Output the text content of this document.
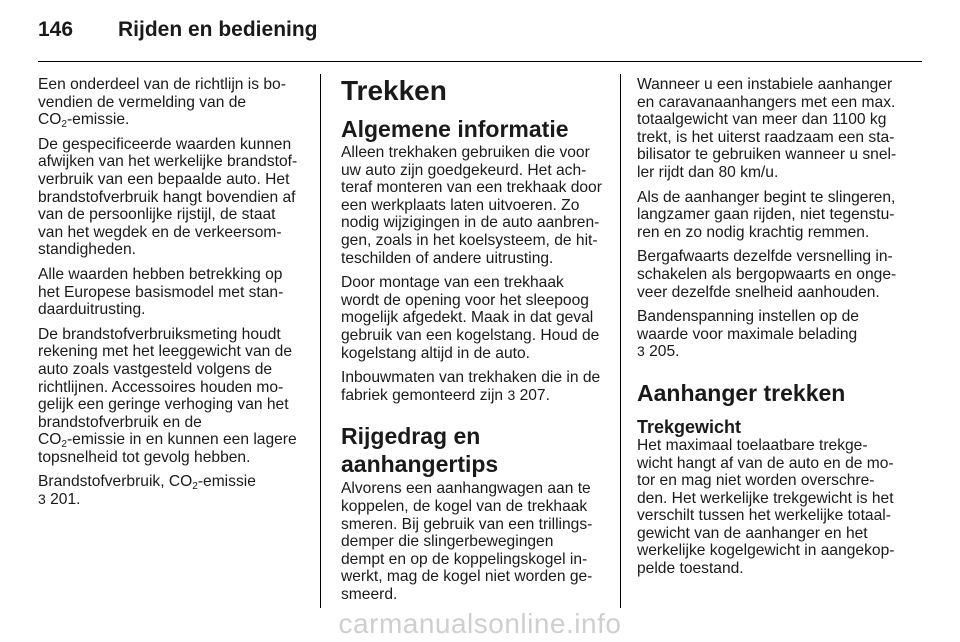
146 Rijden en bediening

Een onderdeel van de richtlijn is bo-
vendien de vermelding van de
$CO_2$-emissie.

De gespecificeerde waarden kunnen
afwijken van het werkelijke brandstof-
verbruik van een bepaalde auto. Het
brandstofverbruik hangt bovendien af
van de persoonlijke rijstijl, de staat
van het wegdek en de verkeersom-
standigheden.

Alle waarden hebben betrekking op
het Europese basismodel met stan-
daarduitrusting.

De brandstofverbruiksmeting houdt
rekening met het leeggewicht van de
auto zoals vastgesteld volgens de
richtlijnen. Accessoires houden mo-
gelijk een geringe verhoging van het
brandstofverbruik en de
$CO_2$-emissie in en kunnen een lagere
topsnelheid tot gevolg hebben.

Brandstofverbruik, $CO_2$-emissie
3 201.

Trekken
Algemene informatie

Alleen trekhaken gebruiken die voor
uw auto zijn goedgekeurd. Het ach-
teraf monteren van een trekhaak door
een werkplaats laten uitvoeren. Zo
nodig wijzigingen in de auto aanbren-
gen, zoals in het koelsysteem, de hit-
teschilden of andere uitrusting.

Door montage van een trekhaak
wordt de opening voor het sleepoog
mogelijk afgedekt. Maak in dat geval
gebruik van een kogelstang. Houd de
kogelstang altijd in de auto.

Inbouwmaten van trekhaken die in de
fabriek gemonteerd zijn 3 207.

Rijgedrag en
aanhangertips

Alvorens een aanhangwagen aan te
koppelen, de kogel van de trekhaak
smeren. Bij gebruik van een trillings-
demper die slingerbewegingen
dempt en op de koppelingskogel in-
werkt, mag de kogel niet worden ge-
smeerd.

Wanneer u een instabiele aanhanger
en caravanaanhangers met een max.
totaalgewicht van meer dan 1100 kg
trekt, is het uiterst raadzaam een sta-
bilisator te gebruiken wanneer u snel-
ler rijdt dan 80 km/u.

Als de aanhanger begint te slingeren,
langzamer gaan rijden, niet tegenstu-
ren en zo nodig krachtig remmen.

Bergafwaarts dezelfde versnelling in-
schakelen als bergopwaarts en onge-
veer dezelfde snelheid aanhouden.

Bandenspanning instellen op de
waarde voor maximale belading
3 205.

Aanhanger trekken
Trekgewicht

Het maximaal toelaatbare trekge-
wicht hangt af van de auto en de mo-
tor en mag niet worden overschre-
den. Het werkelijke trekgewicht is het
verschilt tussen het werkelijke totaal-
gewicht van de aanhanger en het
werkelijke kogelgewicht in aangekop-
pelde toestand.

carmanualsonline.info
